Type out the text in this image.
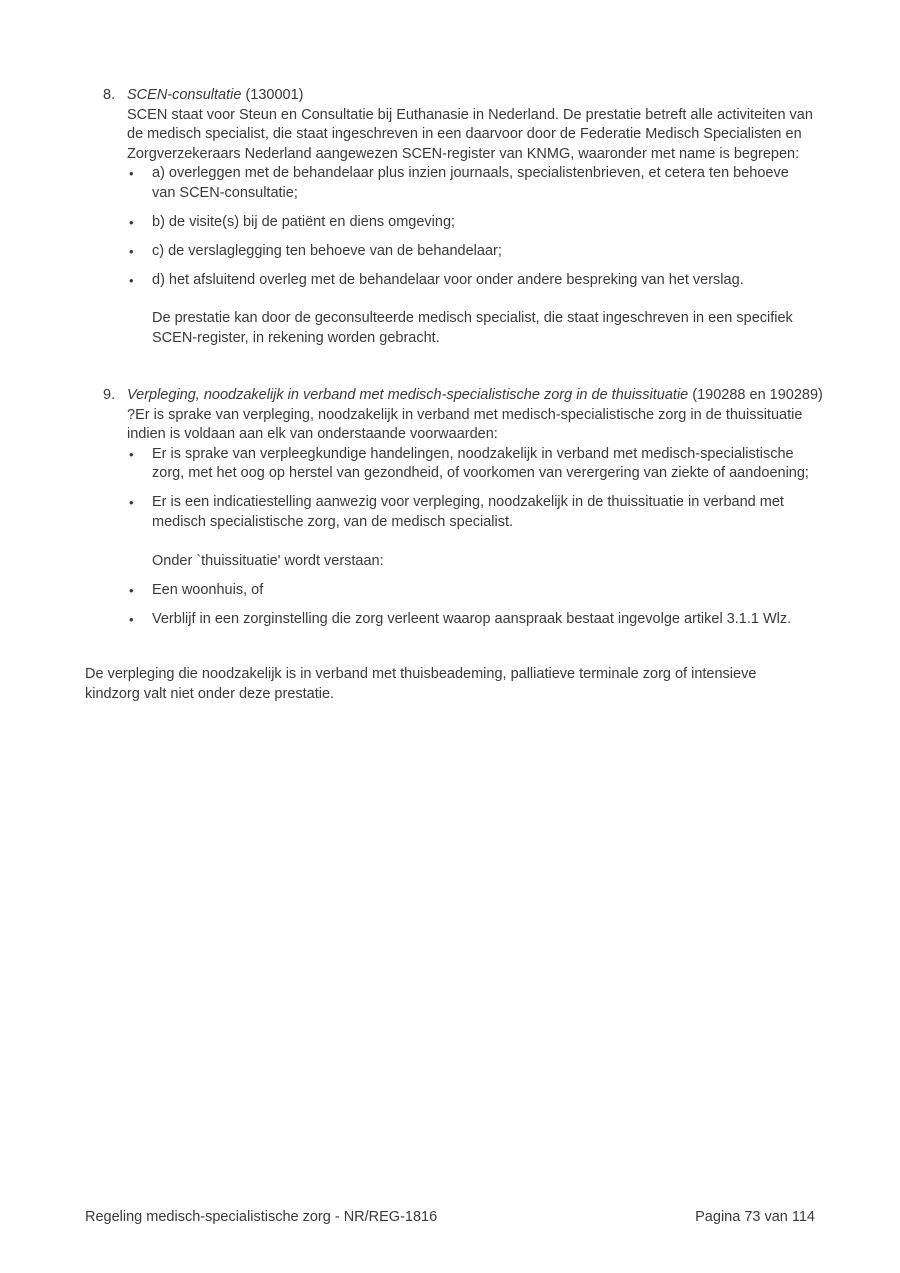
8. SCEN-consultatie (130001)
SCEN staat voor Steun en Consultatie bij Euthanasie in Nederland. De prestatie betreft alle activiteiten van de medisch specialist, die staat ingeschreven in een daarvoor door de Federatie Medisch Specialisten en Zorgverzekeraars Nederland aangewezen SCEN-register van KNMG, waaronder met name is begrepen:
•	a) overleggen met de behandelaar plus inzien journaals, specialistenbrieven, et cetera ten behoeve van SCEN-consultatie;
•	b) de visite(s) bij de patiënt en diens omgeving;
•	c) de verslaglegging ten behoeve van de behandelaar;
•	d) het afsluitend overleg met de behandelaar voor onder andere bespreking van het verslag.
De prestatie kan door de geconsulteerde medisch specialist, die staat ingeschreven in een specifiek SCEN-register, in rekening worden gebracht.
9. Verpleging, noodzakelijk in verband met medisch-specialistische zorg in de thuissituatie (190288 en 190289)
?Er is sprake van verpleging, noodzakelijk in verband met medisch-specialistische zorg in de thuissituatie indien is voldaan aan elk van onderstaande voorwaarden:
•	Er is sprake van verpleegkundige handelingen, noodzakelijk in verband met medisch-specialistische zorg, met het oog op herstel van gezondheid, of voorkomen van verergering van ziekte of aandoening;
•	Er is een indicatiestelling aanwezig voor verpleging, noodzakelijk in de thuissituatie in verband met medisch specialistische zorg, van de medisch specialist.
Onder `thuissituatie' wordt verstaan:
•	Een woonhuis, of
•	Verblijf in een zorginstelling die zorg verleent waarop aanspraak bestaat ingevolge artikel 3.1.1 Wlz.
De verpleging die noodzakelijk is in verband met thuisbeademing, palliatieve terminale zorg of intensieve kindzorg valt niet onder deze prestatie.
Regeling medisch-specialistische zorg - NR/REG-1816	Pagina 73 van 114
